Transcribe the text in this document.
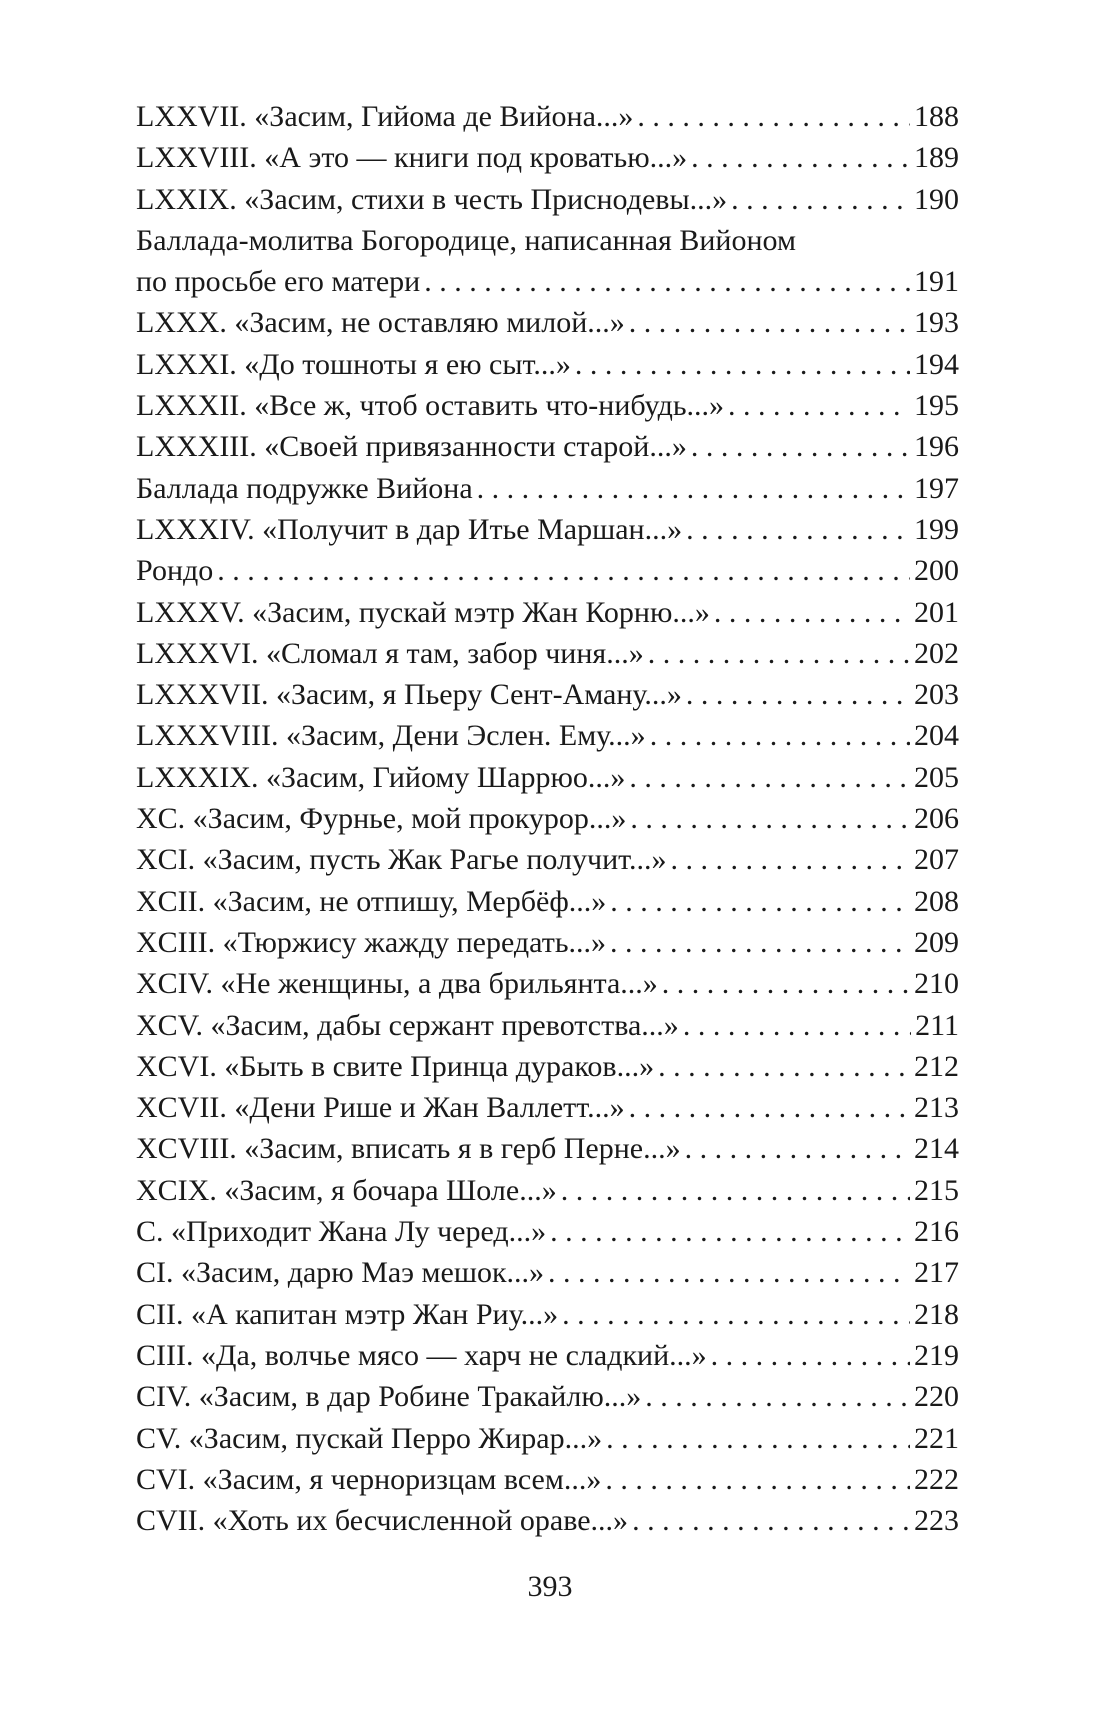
LXXVII. «Засим, Гийома де Вийона...» . . .	188
LXXVIII. «А это — книги под кроватью...» . . .	189
LXXIX. «Засим, стихи в честь Приснодевы...» . . .	190
Баллада-молитва Богородице, написанная Вийоном
по просьбе его матери . . .	191
LXXX. «Засим, не оставляю милой...» . . .	193
LXXXI. «До тошноты я ею сыт...» . . .	194
LXXXII. «Все ж, чтоб оставить что-нибудь...» . . .	195
LXXXIII. «Своей привязанности старой...» . . .	196
Баллада подружке Вийона . . .	197
LXXXIV. «Получит в дар Итье Маршан...» . . .	199
Рондо . . .	200
LXXXV. «Засим, пускай мэтр Жан Корню...» . . .	201
LXXXVI. «Сломал я там, забор чиня...» . . .	202
LXXXVII. «Засим, я Пьеру Сент-Аману...» . . .	203
LXXXVIII. «Засим, Дени Эслен. Ему...» . . .	204
LXXXIX. «Засим, Гийому Шаррюо...» . . .	205
XC. «Засим, Фурнье, мой прокурор...» . . .	206
XCI. «Засим, пусть Жак Рагье получит...» . . .	207
XCII. «Засим, не отпишу, Мербёф...» . . .	208
XCIII. «Тюржису жажду передать...» . . .	209
XCIV. «Не женщины, а два брильянта...» . . .	210
XCV. «Засим, дабы сержант превотства...» . . .	211
XCVI. «Быть в свите Принца дураков...» . . .	212
XCVII. «Дени Рише и Жан Валлетт...» . . .	213
XCVIII. «Засим, вписать я в герб Перне...» . . .	214
XCIX. «Засим, я бочара Шоле...» . . .	215
C. «Приходит Жана Лу черед...» . . .	216
CI. «Засим, дарю Маэ мешок...» . . .	217
CII. «А капитан мэтр Жан Риу...» . . .	218
CIII. «Да, волчье мясо — харч не сладкий...» . . .	219
CIV. «Засим, в дар Робине Тракайлю...» . . .	220
CV. «Засим, пускай Перро Жирар...» . . .	221
CVI. «Засим, я черноризцам всем...» . . .	222
CVII. «Хоть их бесчисленной ораве...» . . .	223
393
